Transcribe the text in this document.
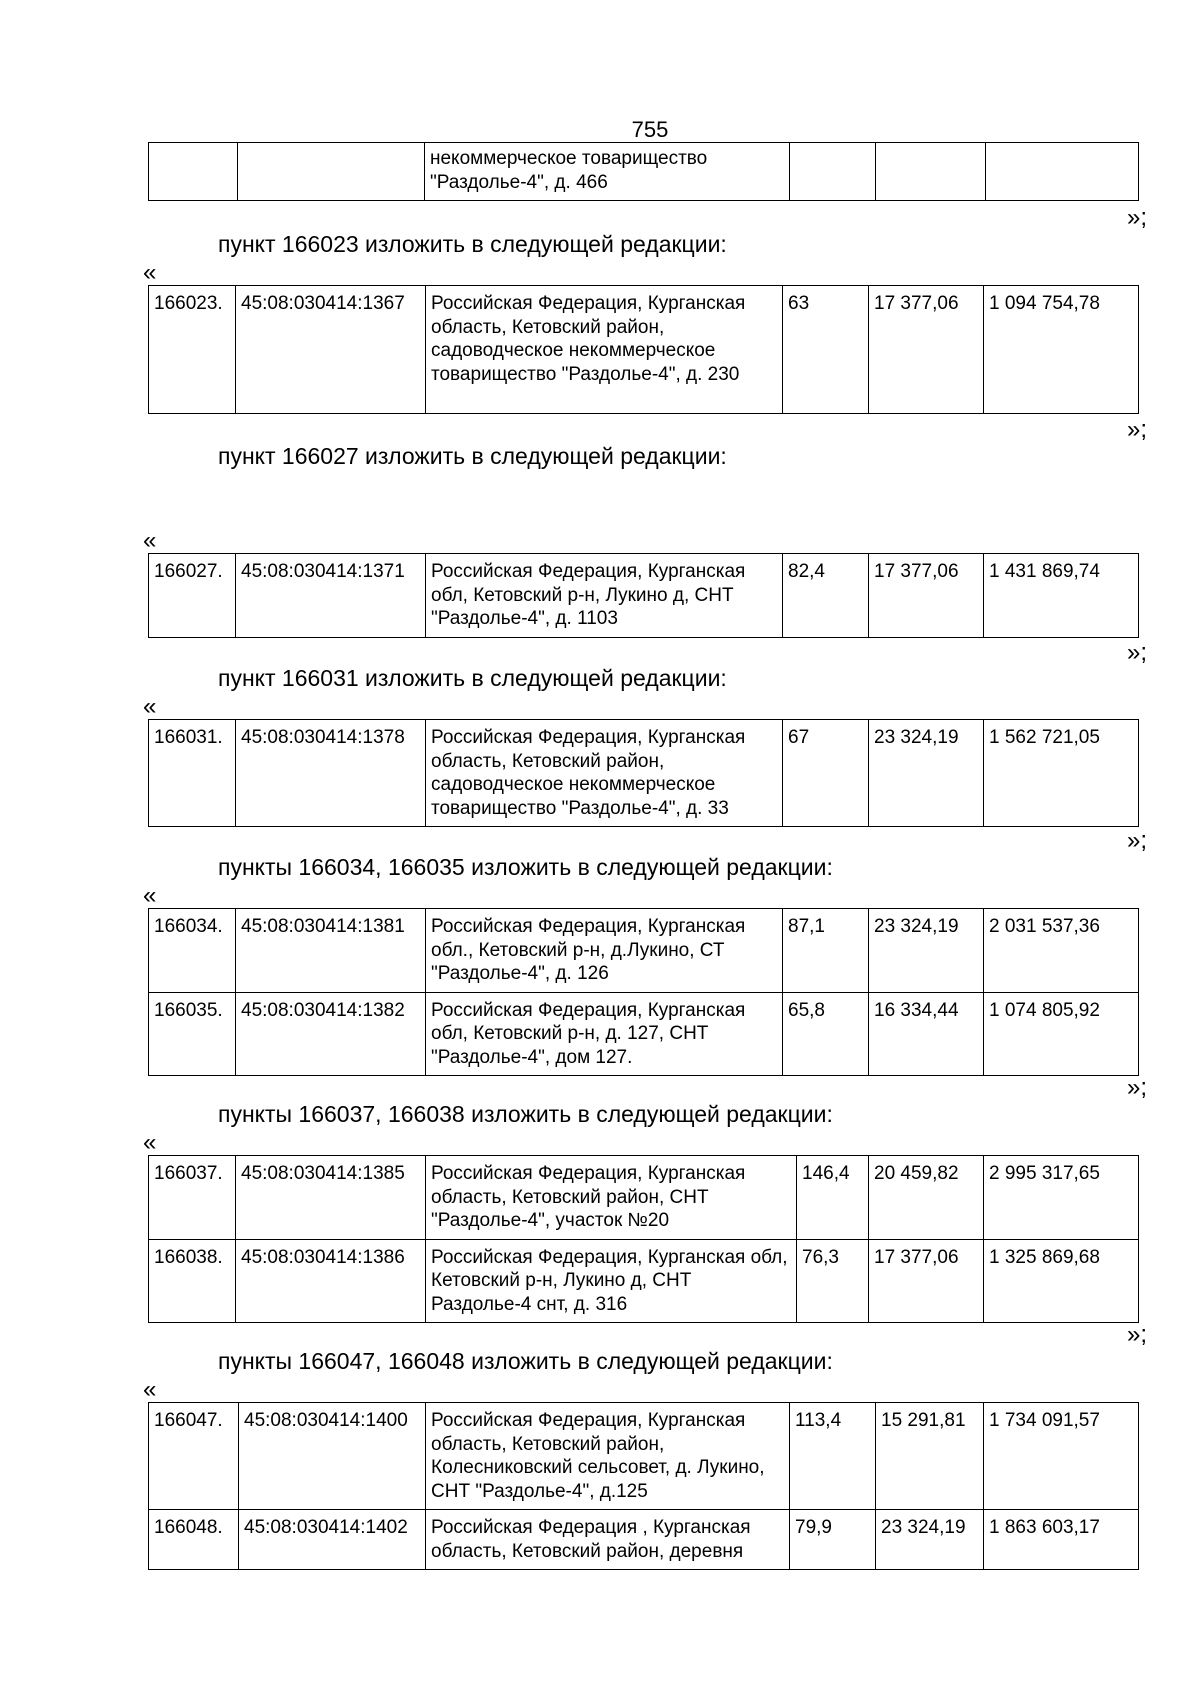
755
		некоммерческое товарищество "Раздолье-4", д. 466			
»;
пункт 166023 изложить в следующей редакции:
«
166023.	45:08:030414:1367	Российская Федерация, Курганская область, Кетовский район, садоводческое некоммерческое товарищество "Раздолье-4", д. 230	63	17 377,06	1 094 754,78
»;
пункт 166027 изложить в следующей редакции:
«
166027.	45:08:030414:1371	Российская Федерация, Курганская обл, Кетовский р-н, Лукино д, СНТ "Раздолье-4", д. 1103	82,4	17 377,06	1 431 869,74
»;
пункт 166031 изложить в следующей редакции:
«
166031.	45:08:030414:1378	Российская Федерация, Курганская область, Кетовский район, садоводческое некоммерческое товарищество "Раздолье-4", д. 33	67	23 324,19	1 562 721,05
»;
пункты 166034, 166035 изложить в следующей редакции:
«
166034.	45:08:030414:1381	Российская Федерация, Курганская обл., Кетовский р-н, д.Лукино, СТ "Раздолье-4", д. 126	87,1	23 324,19	2 031 537,36
166035.	45:08:030414:1382	Российская Федерация, Курганская обл, Кетовский р-н, д. 127, СНТ "Раздолье-4", дом 127.	65,8	16 334,44	1 074 805,92
»;
пункты 166037, 166038 изложить в следующей редакции:
«
166037.	45:08:030414:1385	Российская Федерация, Курганская область, Кетовский район, СНТ "Раздолье-4", участок №20	146,4	20 459,82	2 995 317,65
166038.	45:08:030414:1386	Российская Федерация, Курганская обл, Кетовский р-н, Лукино д, СНТ Раздолье-4 снт, д. 316	76,3	17 377,06	1 325 869,68
»;
пункты 166047, 166048 изложить в следующей редакции:
«
166047.	45:08:030414:1400	Российская Федерация, Курганская область, Кетовский район, Колесниковский сельсовет, д. Лукино, СНТ "Раздолье-4", д.125	113,4	15 291,81	1 734 091,57
166048.	45:08:030414:1402	Российская Федерация , Курганская область, Кетовский район, деревня	79,9	23 324,19	1 863 603,17
